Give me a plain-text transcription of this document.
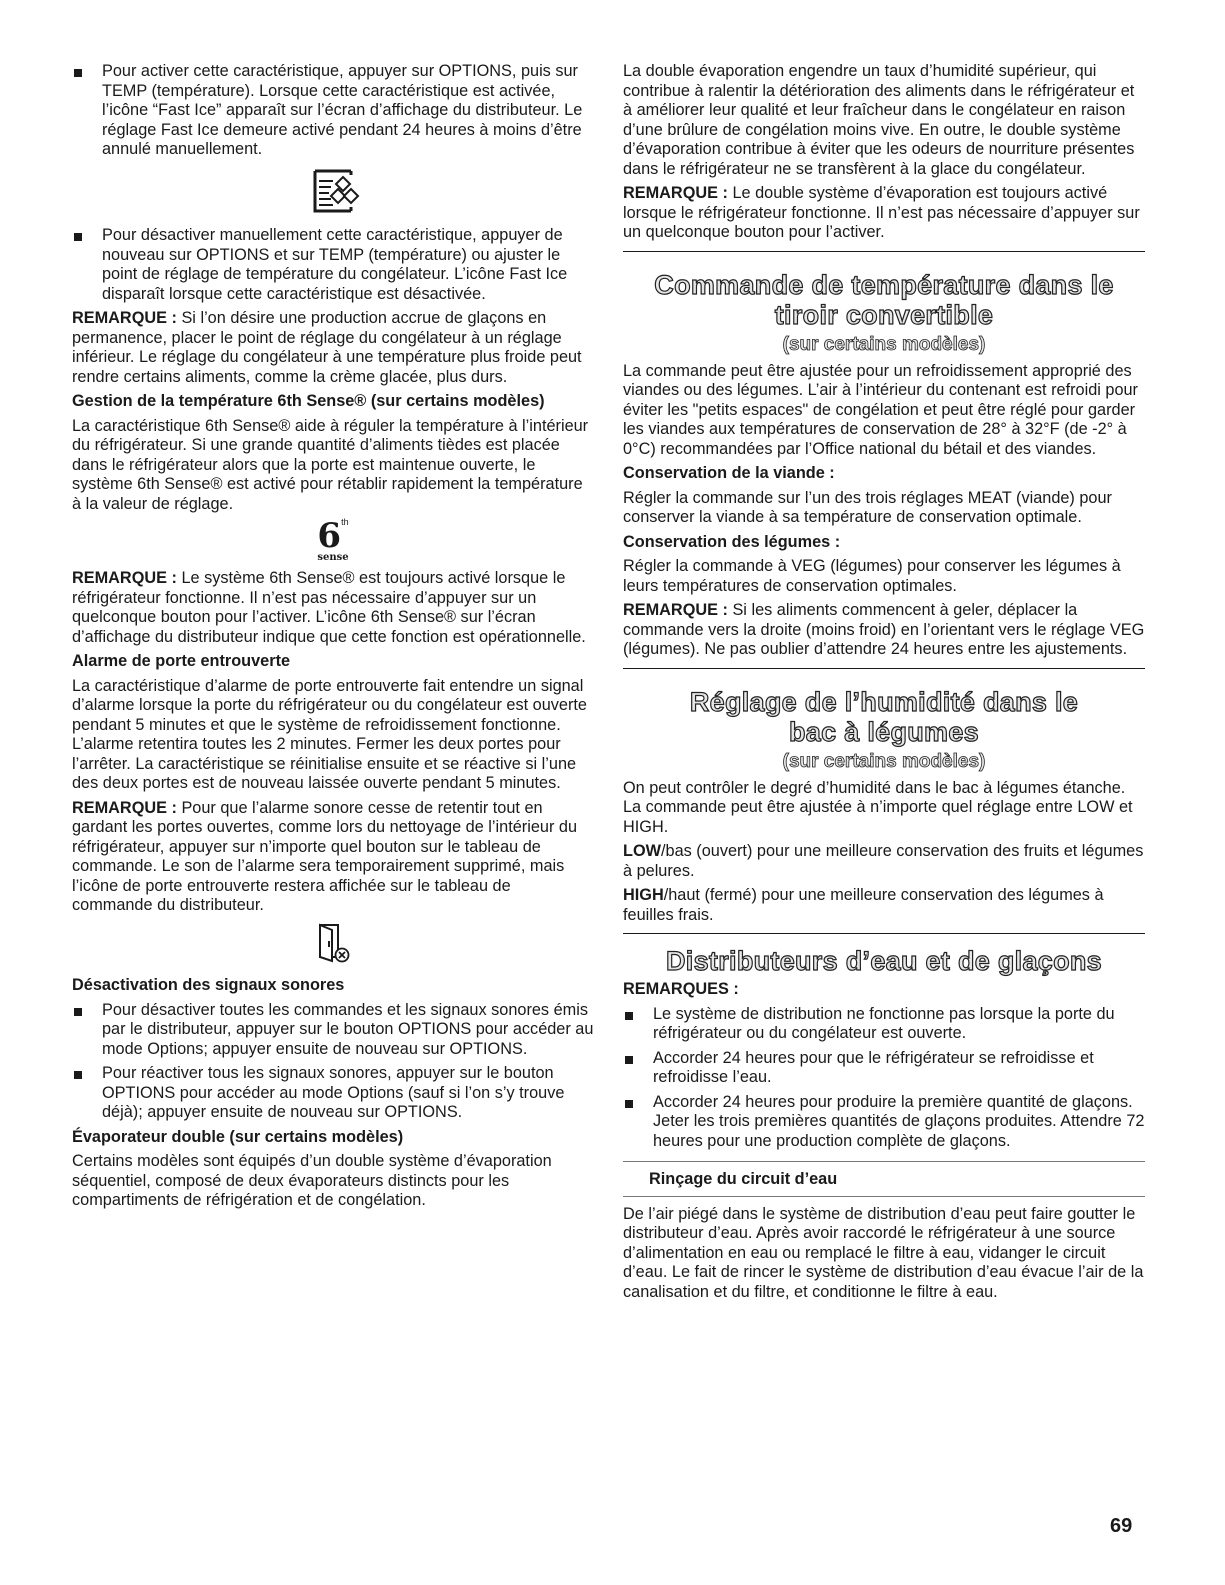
Pour activer cette caractéristique, appuyer sur OPTIONS, puis sur TEMP (température). Lorsque cette caractéristique est activée, l’icône “Fast Ice” apparaît sur l’écran d’affichage du distributeur. Le réglage Fast Ice demeure activé pendant 24 heures à moins d’être annulé manuellement.
Pour désactiver manuellement cette caractéristique, appuyer de nouveau sur OPTIONS et sur TEMP (température) ou ajuster le point de réglage de température du congélateur. L’icône Fast Ice disparaît lorsque cette caractéristique est désactivée.

REMARQUE : Si l’on désire une production accrue de glaçons en permanence, placer le point de réglage du congélateur à un réglage inférieur. Le réglage du congélateur à une température plus froide peut rendre certains aliments, comme la crème glacée, plus durs.

Gestion de la température 6th Sense® (sur certains modèles)

La caractéristique 6th Sense® aide à réguler la température à l’intérieur du réfrigérateur. Si une grande quantité d’aliments tièdes est placée dans le réfrigérateur alors que la porte est maintenue ouverte, le système 6th Sense® est activé pour rétablir rapidement la température à la valeur de réglage.

6th
sense

REMARQUE : Le système 6th Sense® est toujours activé lorsque le réfrigérateur fonctionne. Il n’est pas nécessaire d’appuyer sur un quelconque bouton pour l’activer. L’icône 6th Sense® sur l’écran d’affichage du distributeur indique que cette fonction est opérationnelle.

Alarme de porte entrouverte

La caractéristique d’alarme de porte entrouverte fait entendre un signal d’alarme lorsque la porte du réfrigérateur ou du congélateur est ouverte pendant 5 minutes et que le système de refroidissement fonctionne. L’alarme retentira toutes les 2 minutes. Fermer les deux portes pour l’arrêter. La caractéristique se réinitialise ensuite et se réactive si l’une des deux portes est de nouveau laissée ouverte pendant 5 minutes.

REMARQUE : Pour que l’alarme sonore cesse de retentir tout en gardant les portes ouvertes, comme lors du nettoyage de l’intérieur du réfrigérateur, appuyer sur n’importe quel bouton sur le tableau de commande. Le son de l’alarme sera temporairement supprimé, mais l’icône de porte entrouverte restera affichée sur le tableau de commande du distributeur.

Désactivation des signaux sonores
Pour désactiver toutes les commandes et les signaux sonores émis par le distributeur, appuyer sur le bouton OPTIONS pour accéder au mode Options; appuyer ensuite de nouveau sur OPTIONS.
Pour réactiver tous les signaux sonores, appuyer sur le bouton OPTIONS pour accéder au mode Options (sauf si l’on s’y trouve déjà); appuyer ensuite de nouveau sur OPTIONS.
Évaporateur double (sur certains modèles)

Certains modèles sont équipés d’un double système d’évaporation séquentiel, composé de deux évaporateurs distincts pour les compartiments de réfrigération et de congélation.

La double évaporation engendre un taux d’humidité supérieur, qui contribue à ralentir la détérioration des aliments dans le réfrigérateur et à améliorer leur qualité et leur fraîcheur dans le congélateur en raison d’une brûlure de congélation moins vive. En outre, le double système d’évaporation contribue à éviter que les odeurs de nourriture présentes dans le réfrigérateur ne se transfèrent à la glace du congélateur.

REMARQUE : Le double système d’évaporation est toujours activé lorsque le réfrigérateur fonctionne. Il n’est pas nécessaire d’appuyer sur un quelconque bouton pour l’activer.

Commande de température dans le tiroir convertible
(sur certains modèles)

La commande peut être ajustée pour un refroidissement approprié des viandes ou des légumes. L’air à l’intérieur du contenant est refroidi pour éviter les "petits espaces" de congélation et peut être réglé pour garder les viandes aux températures de conservation de 28° à 32°F (de -2° à 0°C) recommandées par l’Office national du bétail et des viandes.

Conservation de la viande :

Régler la commande sur l’un des trois réglages MEAT (viande) pour conserver la viande à sa température de conservation optimale.

Conservation des légumes :

Régler la commande à VEG (légumes) pour conserver les légumes à leurs températures de conservation optimales.

REMARQUE : Si les aliments commencent à geler, déplacer la commande vers la droite (moins froid) en l’orientant vers le réglage VEG (légumes). Ne pas oublier d’attendre 24 heures entre les ajustements.

Réglage de l’humidité dans le bac à légumes
(sur certains modèles)

On peut contrôler le degré d’humidité dans le bac à légumes étanche. La commande peut être ajustée à n’importe quel réglage entre LOW et HIGH.

LOW/bas (ouvert) pour une meilleure conservation des fruits et légumes à pelures.

HIGH/haut (fermé) pour une meilleure conservation des légumes à feuilles frais.

Distributeurs d’eau et de glaçons
REMARQUES :
Le système de distribution ne fonctionne pas lorsque la porte du réfrigérateur ou du congélateur est ouverte.
Accorder 24 heures pour que le réfrigérateur se refroidisse et refroidisse l’eau.
Accorder 24 heures pour produire la première quantité de glaçons. Jeter les trois premières quantités de glaçons produites. Attendre 72 heures pour une production complète de glaçons.
Rinçage du circuit d’eau

De l’air piégé dans le système de distribution d’eau peut faire goutter le distributeur d’eau. Après avoir raccordé le réfrigérateur à une source d’alimentation en eau ou remplacé le filtre à eau, vidanger le circuit d’eau. Le fait de rincer le système de distribution d’eau évacue l’air de la canalisation et du filtre, et conditionne le filtre à eau.

69
